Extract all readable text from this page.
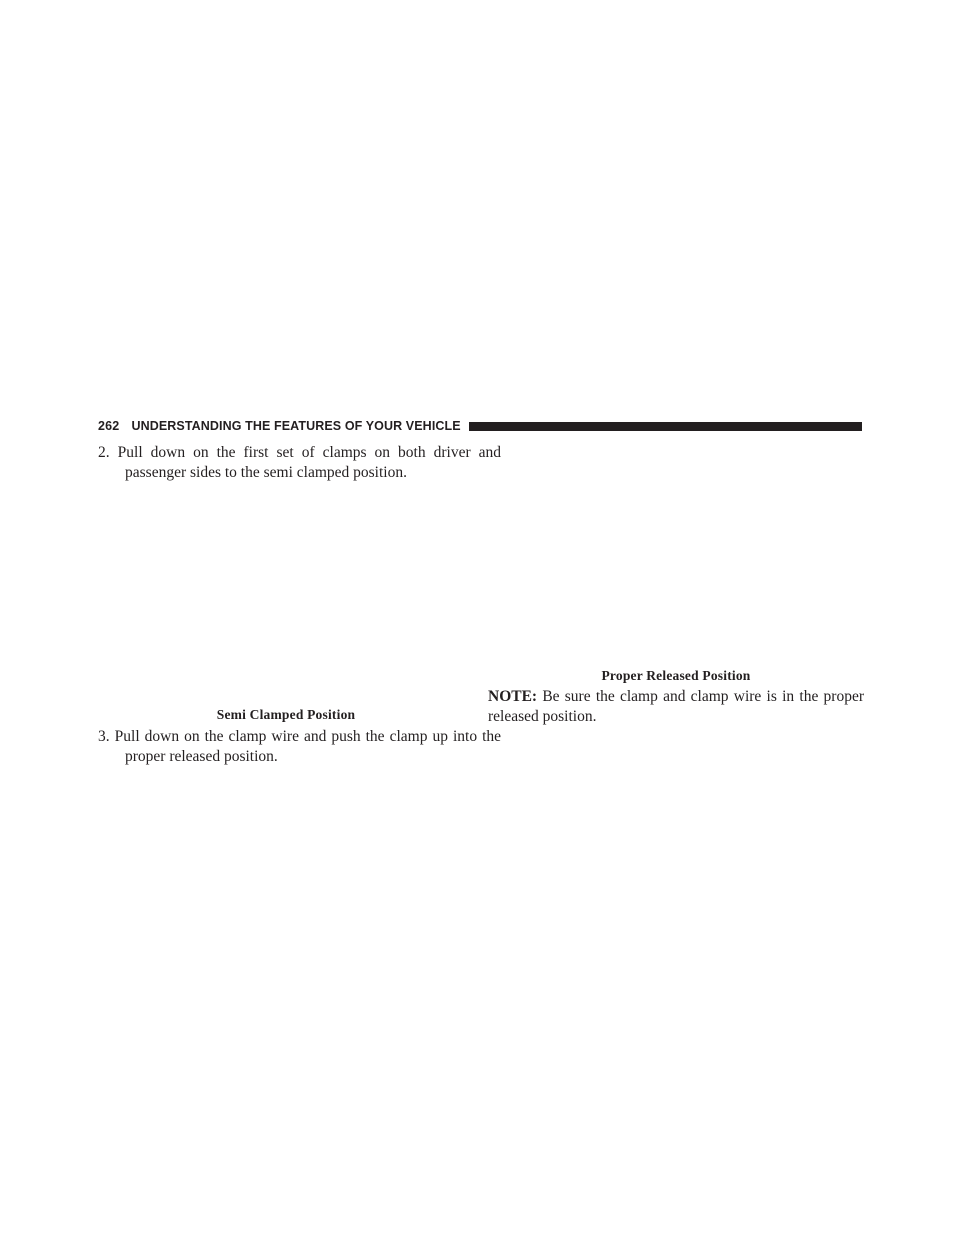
262 UNDERSTANDING THE FEATURES OF YOUR VEHICLE
2. Pull down on the first set of clamps on both driver and passenger sides to the semi clamped position.
Semi Clamped Position
3. Pull down on the clamp wire and push the clamp up into the proper released position.
Proper Released Position
NOTE: Be sure the clamp and clamp wire is in the proper released position.
